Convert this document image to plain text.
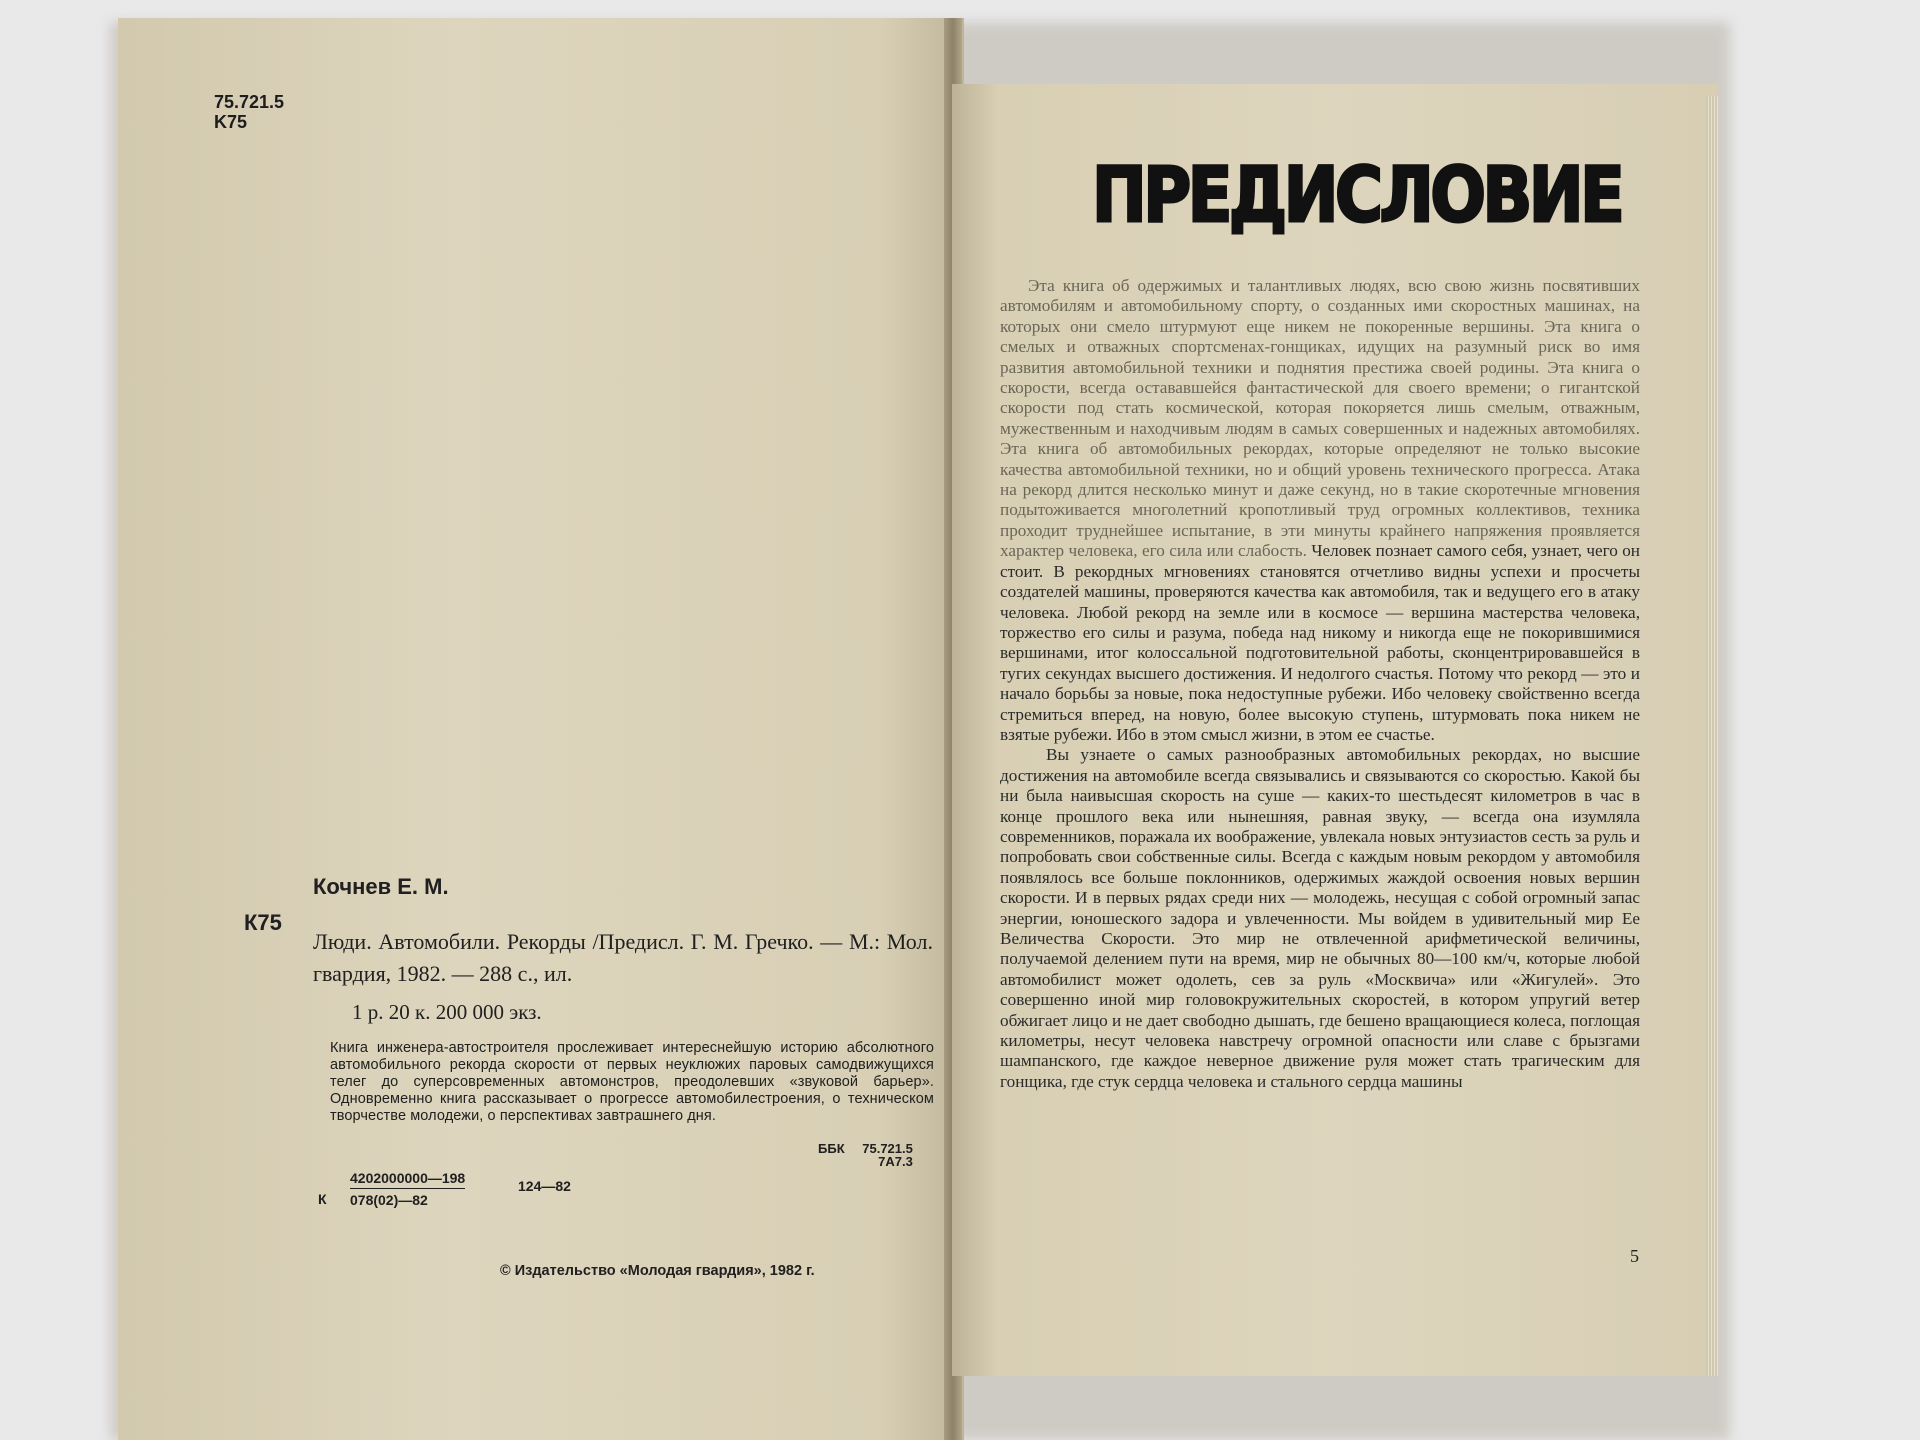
75.721.5
K75
Кочнев Е. М.
К75
Люди. Автомобили. Рекорды /Предисл. Г. М. Гречко. — М.: Мол. гвардия, 1982. — 288 с., ил.
1 р. 20 к. 200 000 экз.
Книга инженера-автостроителя прослеживает интереснейшую историю абсолютного автомобильного рекорда скорости от первых неуклюжих паровых самодвижущихся телег до суперсовременных автомонстров, преодолевших «звуковой барьер». Одновременно книга рассказывает о прогрессе автомобилестроения, о техническом творчестве молодежи, о перспективах завтрашнего дня.
ББК 75.721.5
7А7.3
К $\frac{4202000000—198}{078(02)—82}$	124—82
© Издательство «Молодая гвардия», 1982 г.
ПРЕДИСЛОВИЕ

Эта книга об одержимых и талантливых людях, всю свою жизнь посвятивших автомобилям и автомобильному спорту, о созданных ими скоростных машинах, на которых они смело штурмуют еще никем не покоренные вершины. Эта книга о смелых и отважных спортсменах-гонщиках, идущих на разумный риск во имя развития автомобильной техники и поднятия престижа своей родины. Эта книга о скорости, всегда остававшейся фантастической для своего времени; о гигантской скорости под стать космической, которая покоряется лишь смелым, отважным, мужественным и находчивым людям в самых совершенных и надежных автомобилях. Эта книга об автомобильных рекордах, которые определяют не только высокие качества автомобильной техники, но и общий уровень технического прогресса. Атака на рекорд длится несколько минут и даже секунд, но в такие скоротечные мгновения подытоживается многолетний кропотливый труд огромных коллективов, техника проходит труднейшее испытание, в эти минуты крайнего напряжения проявляется характер человека, его сила или слабость. Человек познает самого себя, узнает, чего он стоит. В рекордных мгновениях становятся отчетливо видны успехи и просчеты создателей машины, проверяются качества как автомобиля, так и ведущего его в атаку человека. Любой рекорд на земле или в космосе — вершина мастерства человека, торжество его силы и разума, победа над никому и никогда еще не покорившимися вершинами, итог колоссальной подготовительной работы, сконцентрировавшейся в тугих секундах высшего достижения. И недолгого счастья. Потому что рекорд — это и начало борьбы за новые, пока недоступные рубежи. Ибо человеку свойственно всегда стремиться вперед, на новую, более высокую ступень, штурмовать пока никем не взятые рубежи. Ибо в этом смысл жизни, в этом ее счастье.

Вы узнаете о самых разнообразных автомобильных рекордах, но высшие достижения на автомобиле всегда связывались и связываются со скоростью. Какой бы ни была наивысшая скорость на суше — каких-то шестьдесят километров в час в конце прошлого века или нынешняя, равная звуку, — всегда она изумляла современников, поражала их воображение, увлекала новых энтузиастов сесть за руль и попробовать свои собственные силы. Всегда с каждым новым рекордом у автомобиля появлялось все больше поклонников, одержимых жаждой освоения новых вершин скорости. И в первых рядах среди них — молодежь, несущая с собой огромный запас энергии, юношеского задора и увлеченности. Мы войдем в удивительный мир Ее Величества Скорости. Это мир не отвлеченной арифметической величины, получаемой делением пути на время, мир не обычных 80—100 км/ч, которые любой автомобилист может одолеть, сев за руль «Москвича» или «Жигулей». Это совершенно иной мир головокружительных скоростей, в котором упругий ветер обжигает лицо и не дает свободно дышать, где бешено вращающиеся колеса, поглощая километры, несут человека навстречу огромной опасности или славе с брызгами шампанского, где каждое неверное движение руля может стать трагическим для гонщика, где стук сердца человека и стального сердца машины

5
